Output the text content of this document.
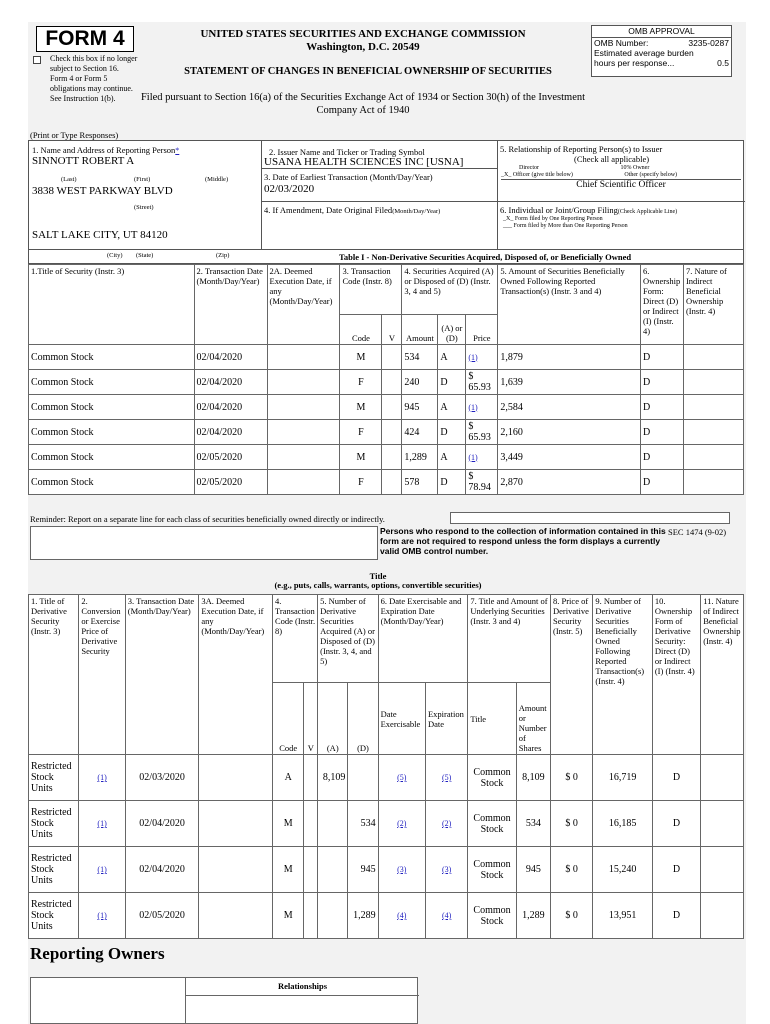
FORM 4
Check this box if no longer subject to Section 16. Form 4 or Form 5 obligations may continue. See Instruction 1(b).
UNITED STATES SECURITIES AND EXCHANGE COMMISSION
Washington, D.C. 20549
STATEMENT OF CHANGES IN BENEFICIAL OWNERSHIP OF SECURITIES
Filed pursuant to Section 16(a) of the Securities Exchange Act of 1934 or Section 30(h) of the Investment Company Act of 1940
OMB APPROVAL
OMB Number:	3235-0287
Estimated average burden
hours per response...	0.5
(Print or Type Responses)
1. Name and Address of Reporting Person*
SINNOTT ROBERT A
(Last)	(First)	(Middle)
3838 WEST PARKWAY BLVD
(Street)
SALT LAKE CITY, UT 84120
2. Issuer Name and Ticker or Trading Symbol
USANA HEALTH SCIENCES INC [USNA]
3. Date of Earliest Transaction (Month/Day/Year)
02/03/2020
4. If Amendment, Date Original Filed(Month/Day/Year)
5. Relationship of Reporting Person(s) to Issuer
(Check all applicable)
Director	10% Owner
_X_ Officer (give title below)	Other (specify below)
Chief Scientific Officer
6. Individual or Joint/Group Filing(Check Applicable Line)
_X_ Form filed by One Reporting Person
___ Form filed by More than One Reporting Person
(City) (State)	(Zip)	Table I - Non-Derivative Securities Acquired, Disposed of, or Beneficially Owned
1.Title of Security (Instr. 3)	2. Transaction Date (Month/Day/Year)	2A. Deemed Execution Date, if any (Month/Day/Year)	3. Transaction Code (Instr. 8)		4. Securities Acquired (A) or Disposed of (D) (Instr. 3, 4 and 5)			5. Amount of Securities Beneficially Owned Following Reported Transaction(s) (Instr. 3 and 4)	6. Ownership Form: Direct (D) or Indirect (I) (Instr. 4)	7. Nature of Indirect Beneficial Ownership (Instr. 4)
			Code	V	Amount	(A) or (D)	Price			
Common Stock	02/04/2020		M		534	A	(1)	1,879	D	
Common Stock	02/04/2020		F		240	D	$ 65.93	1,639	D	
Common Stock	02/04/2020		M		945	A	(1)	2,584	D	
Common Stock	02/04/2020		F		424	D	$ 65.93	2,160	D	
Common Stock	02/05/2020		M		1,289	A	(1)	3,449	D	
Common Stock	02/05/2020		F		578	D	$ 78.94	2,870	D	
Reminder: Report on a separate line for each class of securities beneficially owned directly or indirectly.
Persons who respond to the collection of information contained in this form are not required to respond unless the form displays a currently valid OMB control number.
SEC 1474 (9-02)
Title
(e.g., puts, calls, warrants, options, convertible securities)
1. Title of Derivative Security (Instr. 3)	2. Conversion or Exercise Price of Derivative Security	3. Transaction Date (Month/Day/Year)	3A. Deemed Execution Date, if any (Month/Day/Year)	4. Transaction Code (Instr. 8)		5. Number of Derivative Securities Acquired (A) or Disposed of (D) (Instr. 3, 4, and 5)		6. Date Exercisable and Expiration Date (Month/Day/Year)		7. Title and Amount of Underlying Securities (Instr. 3 and 4)		8. Price of Derivative Security (Instr. 5)	9. Number of Derivative Securities Beneficially Owned Following Reported Transaction(s) (Instr. 4)	10. Ownership Form of Derivative Security: Direct (D) or Indirect (I) (Instr. 4)	11. Nature of Indirect Beneficial Ownership (Instr. 4)
				Code	V	(A)	(D)	Date Exercisable	Expiration Date	Title	Amount or Number of Shares				
Restricted Stock Units	(1)	02/03/2020		A		8,109		(5)	(5)	Common Stock	8,109	$ 0	16,719	D	
Restricted Stock Units	(1)	02/04/2020		M			534	(2)	(2)	Common Stock	534	$ 0	16,185	D	
Restricted Stock Units	(1)	02/04/2020		M			945	(3)	(3)	Common Stock	945	$ 0	15,240	D	
Restricted Stock Units	(1)	02/05/2020		M			1,289	(4)	(4)	Common Stock	1,289	$ 0	13,951	D	
Reporting Owners
Relationships
